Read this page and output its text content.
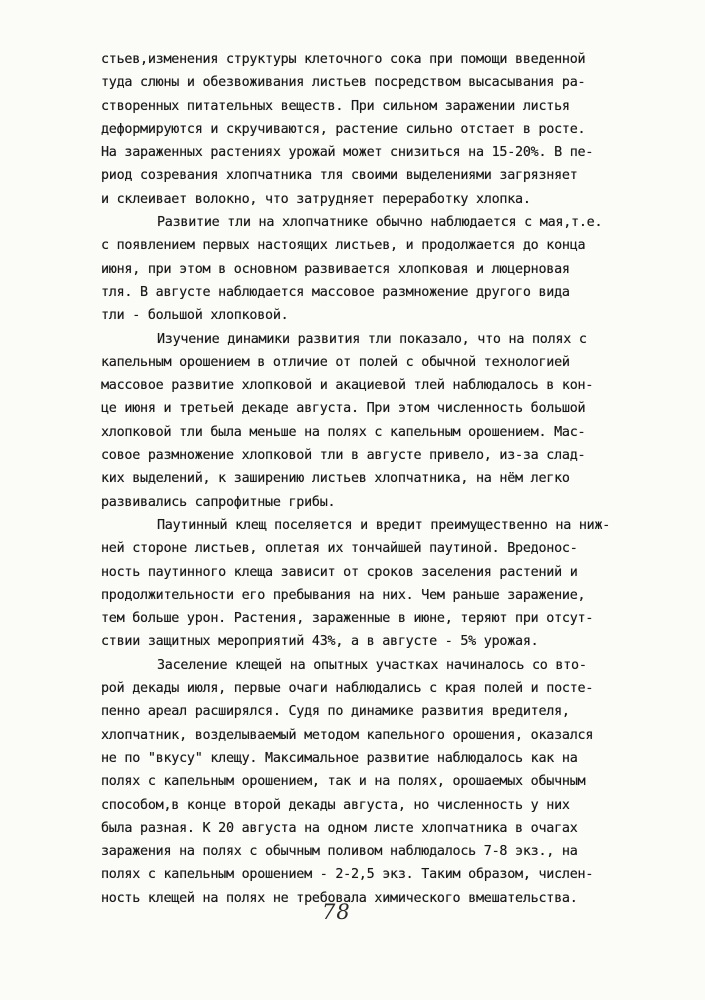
стьев,изменения структуры клеточного сока при помощи введенной
туда слюны и обезвоживания листьев посредством высасывания ра-
створенных питательных веществ. При сильном заражении листья
деформируются и скручиваются, растение сильно отстает в росте.
На зараженных растениях урожай может снизиться на 15-20%. В пе-
риод созревания хлопчатника тля своими выделениями загрязняет
и склеивает волокно, что затрудняет переработку хлопка.
Развитие тли на хлопчатнике обычно наблюдается с мая,т.е.
с появлением первых настоящих листьев, и продолжается до конца
июня, при этом в основном развивается хлопковая и люцерновая
тля. В августе наблюдается массовое размножение другого вида
тли - большой хлопковой.
Изучение динамики развития тли показало, что на полях с
капельным орошением в отличие от полей с обычной технологией
массовое развитие хлопковой и акациевой тлей наблюдалось в кон-
це июня и третьей декаде августа. При этом численность большой
хлопковой тли была меньше на полях с капельным орошением. Мас-
совое размножение хлопковой тли в августе привело, из-за слад-
ких выделений, к заширению листьев хлопчатника, на нём легко
развивались сапрофитные грибы.
Паутинный клещ поселяется и вредит преимущественно на ниж-
ней стороне листьев, оплетая их тончайшей паутиной. Вредонос-
ность паутинного клеща зависит от сроков заселения растений и
продолжительности его пребывания на них. Чем раньше заражение,
тем больше урон. Растения, зараженные в июне, теряют при отсут-
ствии защитных мероприятий 43%, а в августе - 5% урожая.
Заселение клещей на опытных участках начиналось со вто-
рой декады июля, первые очаги наблюдались с края полей и посте-
пенно ареал расширялся. Судя по динамике развития вредителя,
хлопчатник, возделываемый методом капельного орошения, оказался
не по "вкусу" клещу. Максимальное развитие наблюдалось как на
полях с капельным орошением, так и на полях, орошаемых обычным
способом,в конце второй декады августа, но численность у них
была разная. К 20 августа на одном листе хлопчатника в очагах
заражения на полях с обычным поливом наблюдалось 7-8 экз., на
полях с капельным орошением - 2-2,5 экз. Таким образом, числен-
ность клещей на полях не требовала химического вмешательства.
78
